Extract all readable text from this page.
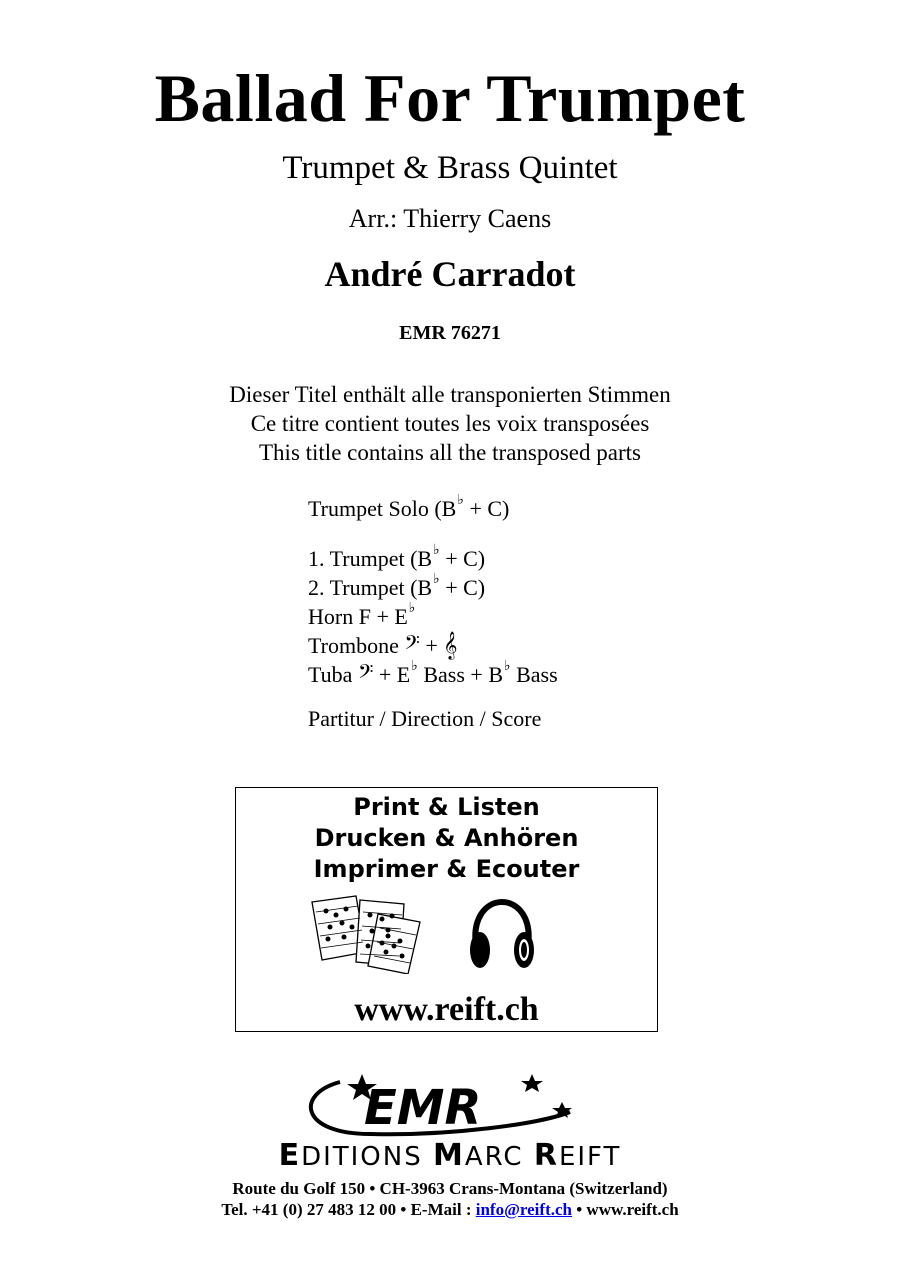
Ballad For Trumpet
Trumpet & Brass Quintet
Arr.: Thierry Caens
André Carradot
EMR 76271
Dieser Titel enthält alle transponierten Stimmen
Ce titre contient toutes les voix transposées
This title contains all the transposed parts
Trumpet Solo (B♭ + C)
1. Trumpet (B♭ + C)
2. Trumpet (B♭ + C)
Horn F + E♭
Trombone 𝄢 + 𝄞
Tuba 𝄢 + E♭ Bass + B♭ Bass
Partitur / Direction / Score
Print & Listen
Drucken & Anhören
Imprimer & Ecouter
www.reift.ch
EMR
EDITIONS MARC REIFT
Route du Golf 150 • CH-3963 Crans-Montana (Switzerland)
Tel. +41 (0) 27 483 12 00 • E-Mail : info@reift.ch • www.reift.ch
